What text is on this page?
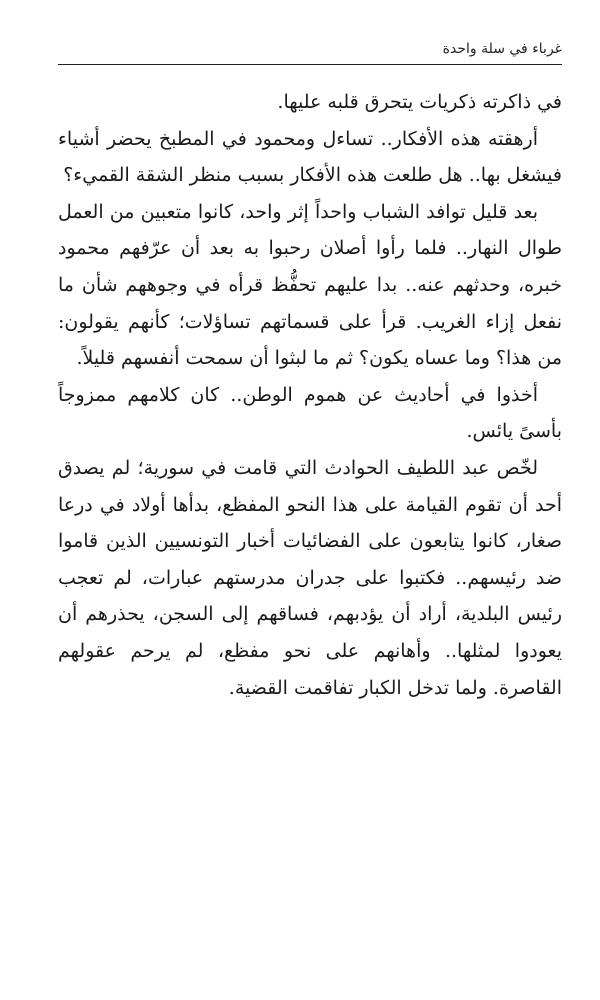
غرباء في سلة واحدة

في ذاكرته ذكريات يتحرق قلبه عليها.

أرهقته هذه الأفكار.. تساءل ومحمود في المطبخ يحضر أشياء فيشغل بها.. هل طلعت هذه الأفكار بسبب منظر الشقة القميء؟

بعد قليل توافد الشباب واحداً إثر واحد، كانوا متعبين من العمل طوال النهار.. فلما رأوا أصلان رحبوا به بعد أن عرّفهم محمود خبره، وحدثهم عنه.. بدا عليهم تحفُّظ قرأه في وجوههم شأن ما نفعل إزاء الغريب. قرأ على قسماتهم تساؤلات؛ كأنهم يقولون: من هذا؟ وما عساه يكون؟ ثم ما لبثوا أن سمحت أنفسهم قليلاً.

أخذوا في أحاديث عن هموم الوطن.. كان كلامهم ممزوجاً بأسىً يائس.

لخّص عبد اللطيف الحوادث التي قامت في سورية؛ لم يصدق أحد أن تقوم القيامة على هذا النحو المفظع، بدأها أولاد في درعا صغار، كانوا يتابعون على الفضائيات أخبار التونسيين الذين قاموا ضد رئيسهم.. فكتبوا على جدران مدرستهم عبارات، لم تعجب رئيس البلدية، أراد أن يؤدبهم، فساقهم إلى السجن، يحذرهم أن يعودوا لمثلها.. وأهانهم على نحو مفظع، لم يرحم عقولهم القاصرة. ولما تدخل الكبار تفاقمت القضية.
